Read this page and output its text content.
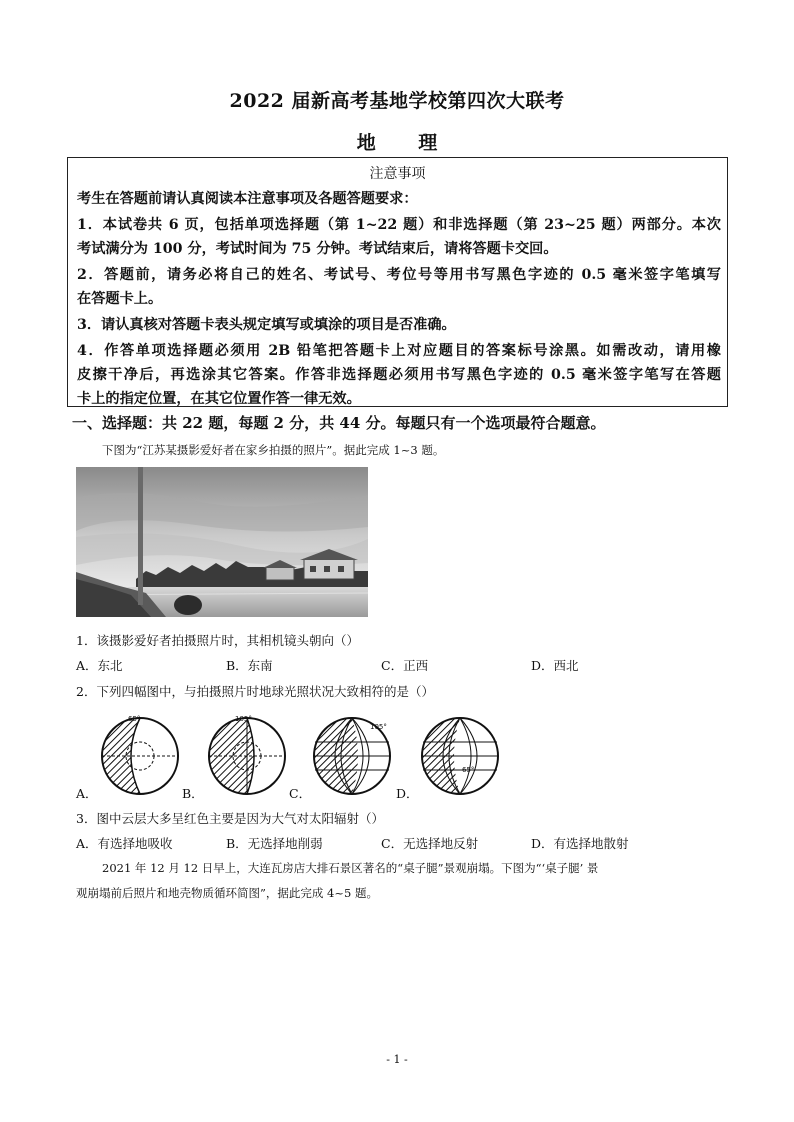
2022 届新高考基地学校第四次大联考
地 理
注意事项
考生在答题前请认真阅读本注意事项及各题答题要求：
1．本试卷共 6 页，包括单项选择题（第 1~22 题）和非选择题（第 23~25 题）两部分。本次
考试满分为 100 分，考试时间为 75 分钟。考试结束后，请将答题卡交回。
2．答题前，请务必将自己的姓名、考试号、考位号等用书写黑色字迹的 0.5 毫米签字笔填写
在答题卡上。
3．请认真核对答题卡表头规定填写或填涂的项目是否准确。
4．作答单项选择题必须用 2B 铅笔把答题卡上对应题目的答案标号涂黑。如需改动，请用橡
皮擦干净后，再选涂其它答案。作答非选择题必须用书写黑色字迹的 0.5 毫米签字笔写在答题
卡上的指定位置，在其它位置作答一律无效。
一、选择题：共 22 题，每题 2 分，共 44 分。每题只有一个选项最符合题意。
下图为“江苏某摄影爱好者在家乡拍摄的照片”。据此完成 1~3 题。
1．该摄影爱好者拍摄照片时，其相机镜头朝向（）
A．东北	B．东南	C．正西	D．西北
2．下列四幅图中，与拍摄照片时地球光照状况大致相符的是（）
65°	105°
105°
65°
A．	B．	C．	D．
3．图中云层大多呈红色主要是因为大气对太阳辐射（）
A．有选择地吸收	B．无选择地削弱	C．无选择地反射	D．有选择地散射
2021 年 12 月 12 日早上，大连瓦房店大排石景区著名的“桌子腿”景观崩塌。下图为“‘桌子腿’ 景
观崩塌前后照片和地壳物质循环简图”，据此完成 4~5 题。
- 1 -
